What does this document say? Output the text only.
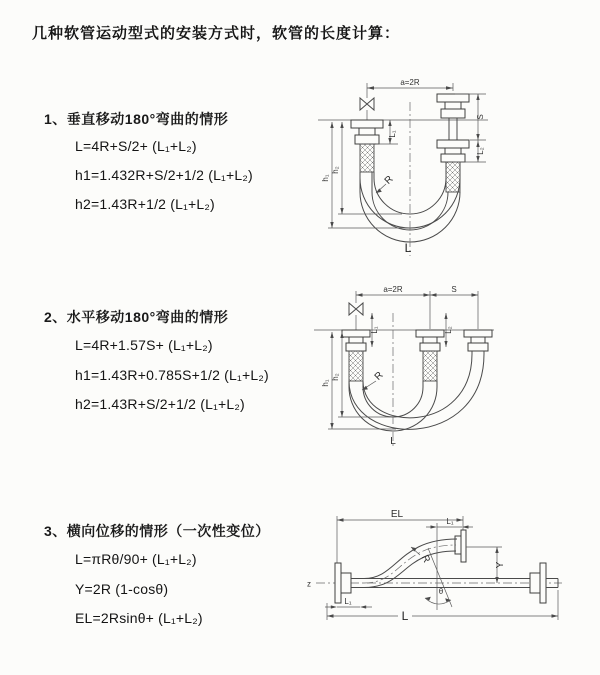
几种软管运动型式的安装方式时，软管的长度计算：
1、垂直移动180°弯曲的情形
L=4R+S/2+ (L₁+L₂)
h1=1.432R+S/2+1/2 (L₁+L₂)
h2=1.43R+1/2 (L₁+L₂)
2、水平移动180°弯曲的情形
L=4R+1.57S+ (L₁+L₂)
h1=1.43R+0.785S+1/2 (L₁+L₂)
h2=1.43R+S/2+1/2 (L₁+L₂)
3、横向位移的情形（一次性变位）
L=πRθ/90+ (L₁+L₂)
Y=2R (1-cosθ)
EL=2Rsinθ+ (L₁+L₂)
a=2R
L₁
h₁
h₂
R
S
L₂
L
a=2R	S
h₁
h₂
L₁	L₂
R
L
EL
L₁
Y
z
R
θ
L₁
L
